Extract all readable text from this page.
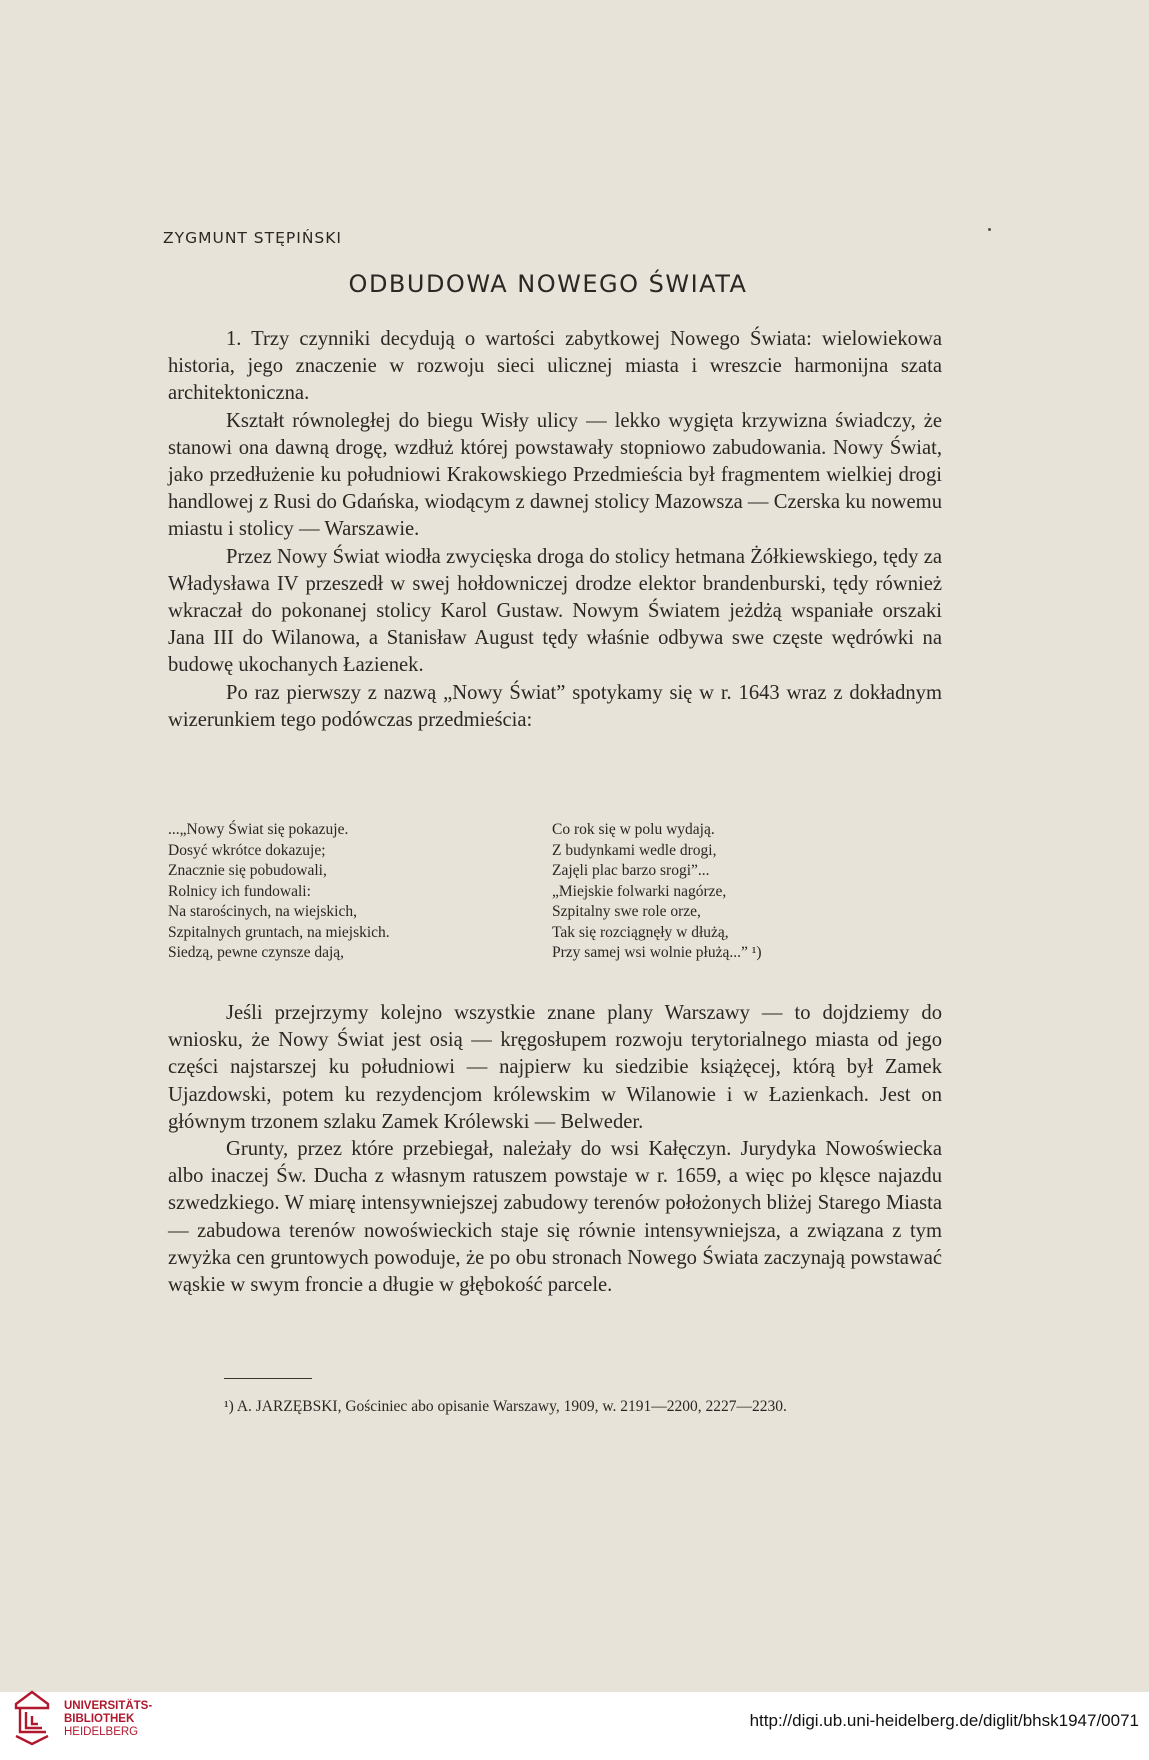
ZYGMUNT STĘPIŃSKI
ODBUDOWA NOWEGO ŚWIATA

1. Trzy czynniki decydują o wartości zabytkowej Nowego Świata: wielowiekowa historia, jego znaczenie w rozwoju sieci ulicznej miasta i wreszcie harmonijna szata architektoniczna.

Kształt równoległej do biegu Wisły ulicy — lekko wygięta krzywizna świadczy, że stanowi ona dawną drogę, wzdłuż której powstawały stopniowo zabudowania. Nowy Świat, jako przedłużenie ku południowi Krakowskiego Przedmieścia był fragmentem wielkiej drogi handlowej z Rusi do Gdańska, wiodącym z dawnej stolicy Mazowsza — Czerska ku nowemu miastu i stolicy — Warszawie.

Przez Nowy Świat wiodła zwycięska droga do stolicy hetmana Żółkiewskiego, tędy za Władysława IV przeszedł w swej hołdowniczej drodze elektor brandenburski, tędy również wkraczał do pokonanej stolicy Karol Gustaw. Nowym Światem jeżdżą wspaniałe orszaki Jana III do Wilanowa, a Stanisław August tędy właśnie odbywa swe częste wędrówki na budowę ukochanych Łazienek.

Po raz pierwszy z nazwą „Nowy Świat” spotykamy się w r. 1643 wraz z dokładnym wizerunkiem tego podówczas przedmieścia:

...„Nowy Świat się pokazuje.
Dosyć wkrótce dokazuje;
Znacznie się pobudowali,
Rolnicy ich fundowali:
Na starościnych, na wiejskich,
Szpitalnych gruntach, na miejskich.
Siedzą, pewne czynsze dają,
Co rok się w polu wydają.
Z budynkami wedle drogi,
Zajęli plac barzo srogi”...
„Miejskie folwarki nagórze,
Szpitalny swe role orze,
Tak się rozciągnęły w dłużą,
Przy samej wsi wolnie płużą...” ¹)

Jeśli przejrzymy kolejno wszystkie znane plany Warszawy — to dojdziemy do wniosku, że Nowy Świat jest osią — kręgosłupem rozwoju terytorialnego miasta od jego części najstarszej ku południowi — najpierw ku siedzibie książęcej, którą był Zamek Ujazdowski, potem ku rezydencjom królewskim w Wilanowie i w Łazienkach. Jest on głównym trzonem szlaku Zamek Królewski — Belweder.

Grunty, przez które przebiegał, należały do wsi Kałęczyn. Jurydyka Nowoświecka albo inaczej Św. Ducha z własnym ratuszem powstaje w r. 1659, a więc po klęsce najazdu szwedzkiego. W miarę intensywniejszej zabudowy terenów położonych bliżej Starego Miasta — zabudowa terenów nowoświeckich staje się równie intensywniejsza, a związana z tym zwyżka cen gruntowych powoduje, że po obu stronach Nowego Świata zaczynają powstawać wąskie w swym froncie a długie w głębokość parcele.

¹) A. JARZĘBSKI, Gościniec abo opisanie Warszawy, 1909, w. 2191—2200, 2227—2230.

UNIVERSITÄTS-
BIBLIOTHEK
HEIDELBERG
http://digi.ub.uni-heidelberg.de/diglit/bhsk1947/0071
